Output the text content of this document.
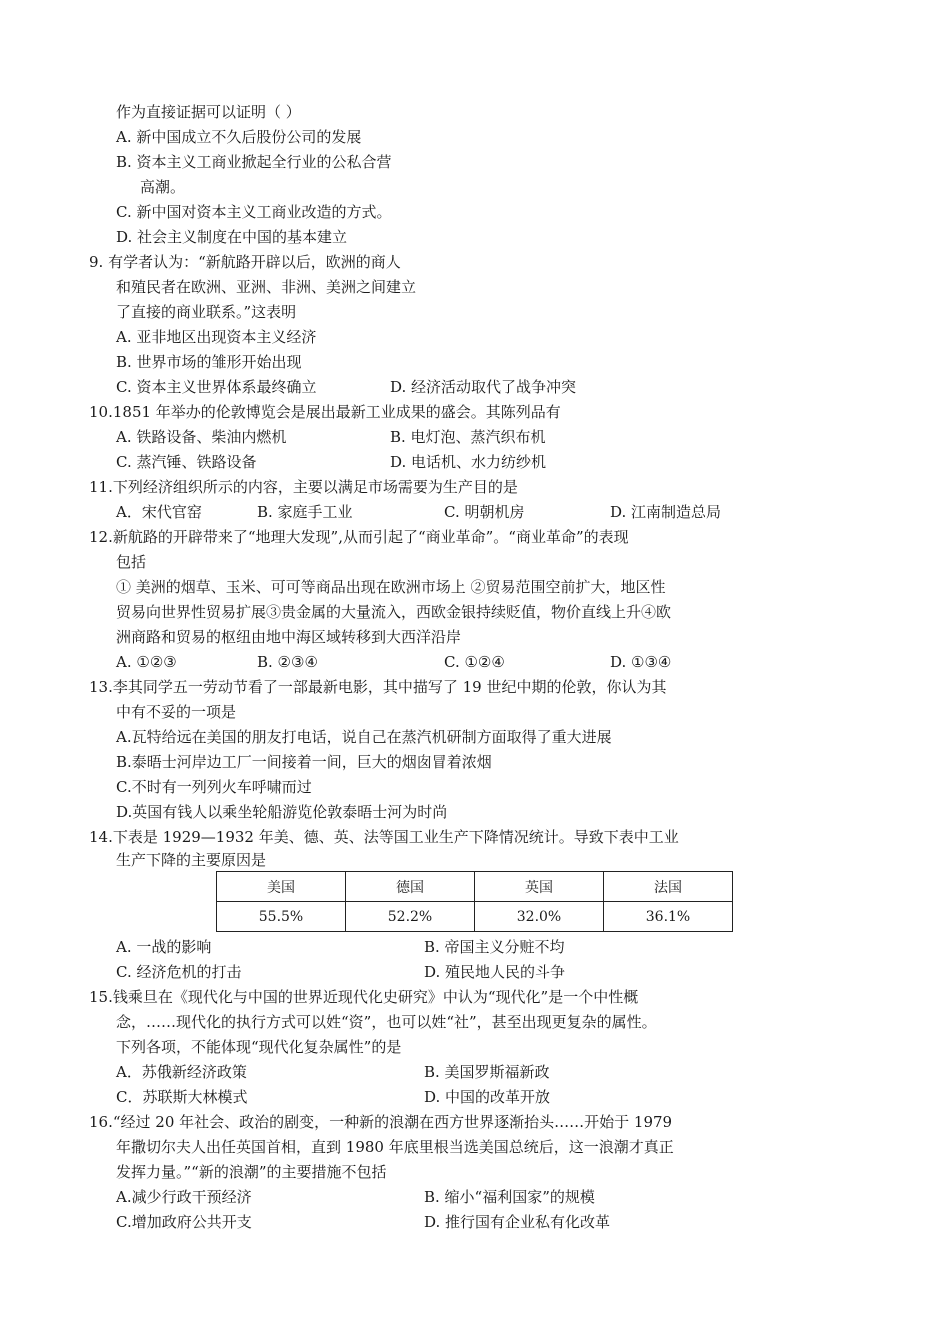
作为直接证据可以证明（ ）
A. 新中国成立不久后股份公司的发展
B. 资本主义工商业掀起全行业的公私合营
高潮。
C. 新中国对资本主义工商业改造的方式。
D. 社会主义制度在中国的基本建立
9. 有学者认为：“新航路开辟以后，欧洲的商人
和殖民者在欧洲、亚洲、非洲、美洲之间建立
了直接的商业联系。”这表明
A. 亚非地区出现资本主义经济
B. 世界市场的雏形开始出现
C. 资本主义世界体系最终确立	D. 经济活动取代了战争冲突
10.1851 年举办的伦敦博览会是展出最新工业成果的盛会。其陈列品有
A. 铁路设备、柴油内燃机	B. 电灯泡、蒸汽织布机
C. 蒸汽锤、铁路设备	D. 电话机、水力纺纱机
11.下列经济组织所示的内容，主要以满足市场需要为生产目的是
A．宋代官窑	B. 家庭手工业	C. 明朝机房	D. 江南制造总局
12.新航路的开辟带来了“地理大发现”,从而引起了“商业革命”。“商业革命”的表现
包括
① 美洲的烟草、玉米、可可等商品出现在欧洲市场上 ②贸易范围空前扩大，地区性
贸易向世界性贸易扩展③贵金属的大量流入，西欧金银持续贬值，物价直线上升④欧
洲商路和贸易的枢纽由地中海区域转移到大西洋沿岸
A. ①②③	B. ②③④	C. ①②④	D. ①③④
13.李其同学五一劳动节看了一部最新电影，其中描写了 19 世纪中期的伦敦，你认为其
中有不妥的一项是
A.瓦特给远在美国的朋友打电话，说自己在蒸汽机研制方面取得了重大进展
B.泰晤士河岸边工厂一间接着一间，巨大的烟囱冒着浓烟
C.不时有一列列火车呼啸而过
D.英国有钱人以乘坐轮船游览伦敦泰晤士河为时尚
14.下表是 1929—1932 年美、德、英、法等国工业生产下降情况统计。导致下表中工业
生产下降的主要原因是
美国	德国	英国	法国
55.5%	52.2%	32.0%	36.1%
A. 一战的影响	B. 帝国主义分赃不均
C. 经济危机的打击	D. 殖民地人民的斗争
15.钱乘旦在《现代化与中国的世界近现代化史研究》中认为“现代化”是一个中性概
念，……现代化的执行方式可以姓“资”，也可以姓“社”，甚至出现更复杂的属性。
下列各项，不能体现“现代化复杂属性”的是
A．苏俄新经济政策	B. 美国罗斯福新政
C．苏联斯大林模式	D. 中国的改革开放
16.“经过 20 年社会、政治的剧变，一种新的浪潮在西方世界逐渐抬头……开始于 1979
年撒切尔夫人出任英国首相，直到 1980 年底里根当选美国总统后，这一浪潮才真正
发挥力量。”“新的浪潮”的主要措施不包括
A.减少行政干预经济	B. 缩小“福利国家”的规模
C.增加政府公共开支	D. 推行国有企业私有化改革
